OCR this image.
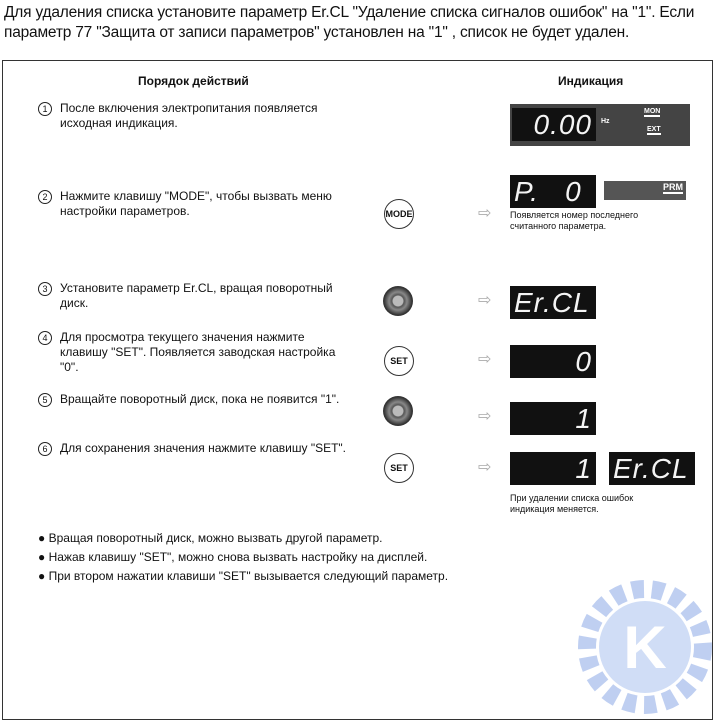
Для удаления списка установите параметр Er.CL "Удаление списка сигналов ошибок" на "1". Если параметр 77 "Защита от записи параметров" установлен на "1" , список не будет удален.
Порядок действий	Индикация
1 После включения электропитания появляется исходная индикация.
2 Нажмите клавишу "MODE", чтобы вызвать меню настройки параметров.
3 Установите параметр Er.CL, вращая поворотный диск.
4 Для просмотра текущего значения нажмите клавишу "SET". Появляется заводская настройка "0".
5 Вращайте поворотный диск, пока не появится "1".
6 Для сохранения значения нажмите клавишу "SET".
MODE
SET
SET
⇨
⇨
⇨
⇨
⇨
0.00	Hz
MON
EXT
P.   0	PRM
Появляется номер последнего считанного параметра.
Er.CL
0
1
1 Er.CL
При удалении списка ошибок индикация меняется.
● Вращая поворотный диск, можно вызвать другой параметр.
● Нажав клавишу "SET", можно снова вызвать настройку на дисплей.
● При втором нажатии клавиши "SET" вызывается следующий параметр.
K
